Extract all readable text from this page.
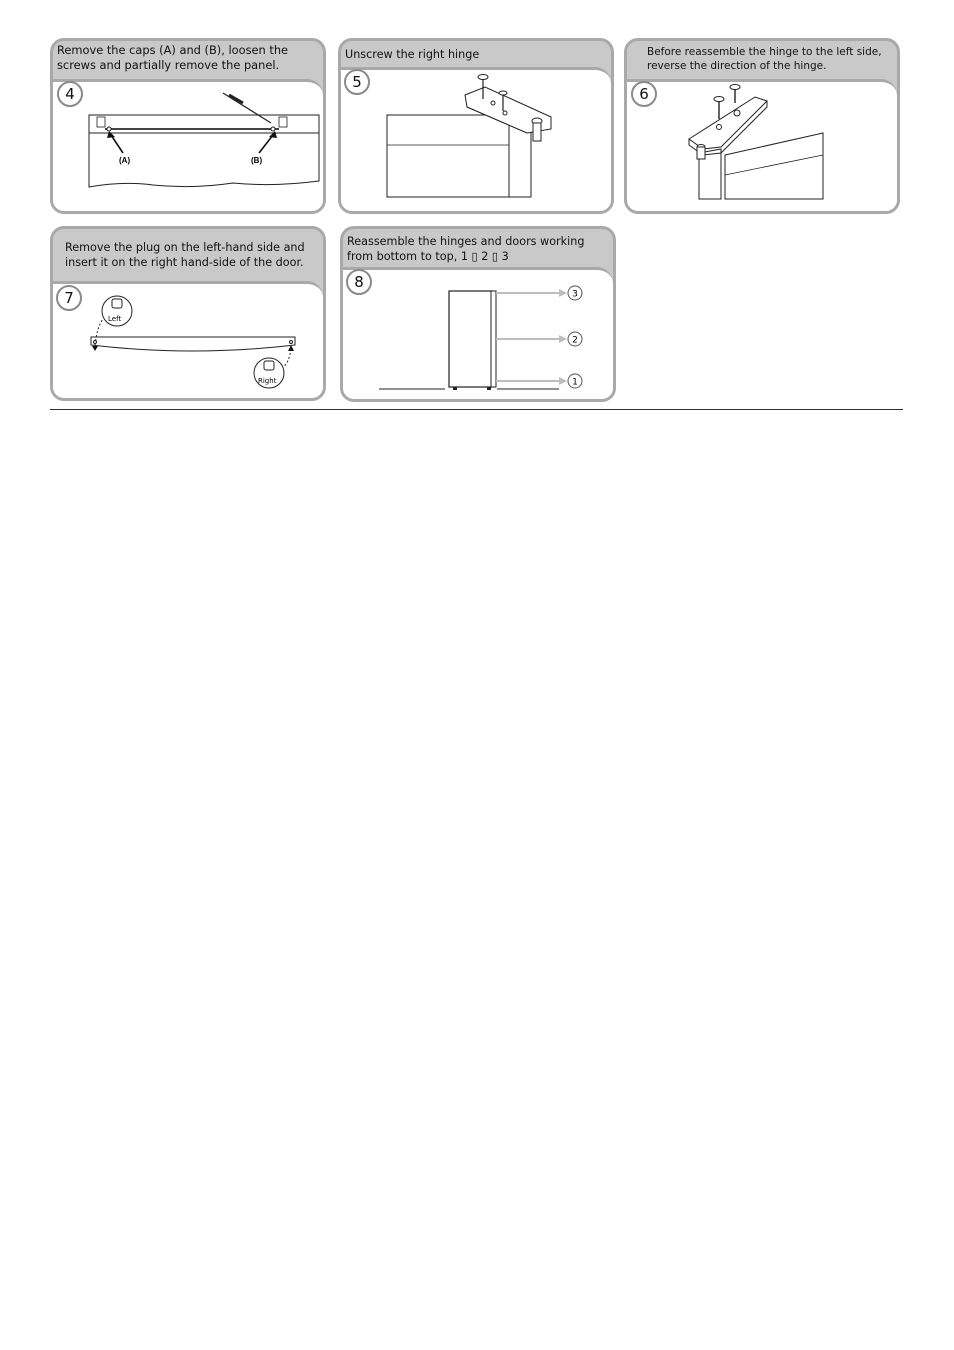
Remove the caps (A) and (B), loosen the screws and partially remove the panel.
4
(A)	(B)
Unscrew the right hinge
5
Before reassemble the hinge to the left side, reverse the direction of the hinge.
6
Remove the plug on the left-hand side and insert it on the right hand-side of the door.
7
Left
Right
Reassemble the hinges and doors working from bottom to top, 1 ▯ 2 ▯ 3
8
3
2
1
